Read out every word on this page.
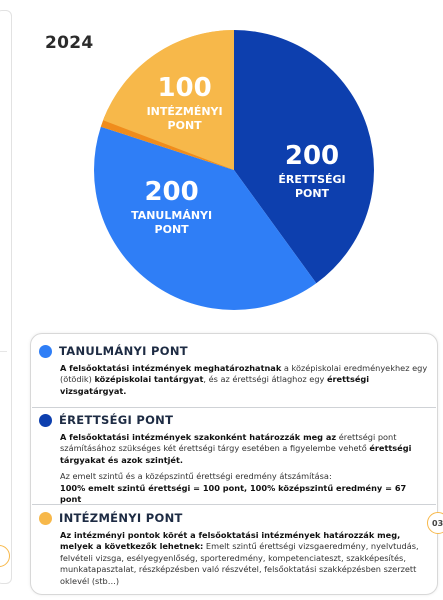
2024
200
ÉRETTSÉGI
PONT
200
TANULMÁNYI
PONT
100
INTÉZMÉNYI
PONT
TANULMÁNYI PONT
A felsőoktatási intézmények meghatározhatnak a középiskolai eredményekhez egy (ötödik) középiskolai tantárgyat, és az érettségi átlaghoz egy érettségi vizsgatárgyat.
ÉRETTSÉGI PONT
A felsőoktatási intézmények szakonként határozzák meg az érettségi pont számításához szükséges két érettségi tárgy esetében a figyelembe vehető érettségi tárgyakat és azok szintjét.
Az emelt szintű és a középszintű érettségi eredmény átszámítása:
100% emelt szintű érettségi = 100 pont, 100% középszintű eredmény = 67 pont
INTÉZMÉNYI PONT
Az intézményi pontok körét a felsőoktatási intézmények határozzák meg, melyek a következők lehetnek: Emelt szintű érettségi vizsgaeredmény, nyelvtudás, felvételi vizsga, esélyegyenlőség, sporteredmény, kompetenciateszt, szakképesítés, munkatapasztalat, részképzésben való részvétel, felsőoktatási szakképzésben szerzett oklevél (stb…)
03
